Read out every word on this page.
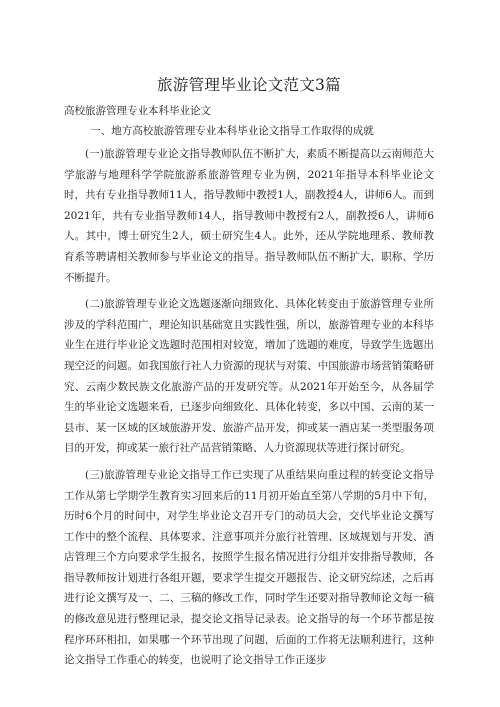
旅游管理毕业论文范文3篇
高校旅游管理专业本科毕业论文
一、地方高校旅游管理专业本科毕业论文指导工作取得的成就

(一)旅游管理专业论文指导教师队伍不断扩大，素质不断提高以云南师范大学旅游与地理科学学院旅游系旅游管理专业为例，2021年指导本科毕业论文时，共有专业指导教师11人，指导教师中教授1人，副教授4人，讲师6人。而到2021年，共有专业指导教师14人，指导教师中教授有2人，副教授6人，讲师6人。其中，博士研究生2人，硕士研究生4人。此外，还从学院地理系、教师教育系等聘请相关教师参与毕业论文的指导。指导教师队伍不断扩大，职称、学历不断提升。

(二)旅游管理专业论文选题逐渐向细致化、具体化转变由于旅游管理专业所涉及的学科范围广，理论知识基础宽且实践性强，所以，旅游管理专业的本科毕业生在进行毕业论文选题时范围相对较宽，增加了选题的难度，导致学生选题出现空泛的问题。如我国旅行社人力资源的现状与对策、中国旅游市场营销策略研究、云南少数民族文化旅游产品的开发研究等。从2021年开始至今，从各届学生的毕业论文选题来看，已逐步向细致化、具体化转变，多以中国、云南的某一县市、某一区域的区域旅游开发、旅游产品开发，抑或某一酒店某一类型服务项目的开发，抑或某一旅行社产品营销策略、人力资源现状等进行探讨研究。

(三)旅游管理专业论文指导工作已实现了从重结果向重过程的转变论文指导工作从第七学期学生教育实习回来后的11月初开始直至第八学期的5月中下旬，历时6个月的时间中，对学生毕业论文召开专门的动员大会，交代毕业论文撰写工作中的整个流程、具体要求、注意事项并分旅行社管理、区域规划与开发、酒店管理三个方向要求学生报名，按照学生报名情况进行分组并安排指导教师，各指导教师按计划进行各组开题，要求学生提交开题报告、论文研究综述，之后再进行论文撰写及一、二、三稿的修改工作，同时学生还要对指导教师论文每一稿的修改意见进行整理记录，提交论文指导记录表。论文指导的每一个环节都是按程序环环相扣，如果哪一个环节出现了问题，后面的工作将无法顺利进行，这种论文指导工作重心的转变，也说明了论文指导工作正逐步
